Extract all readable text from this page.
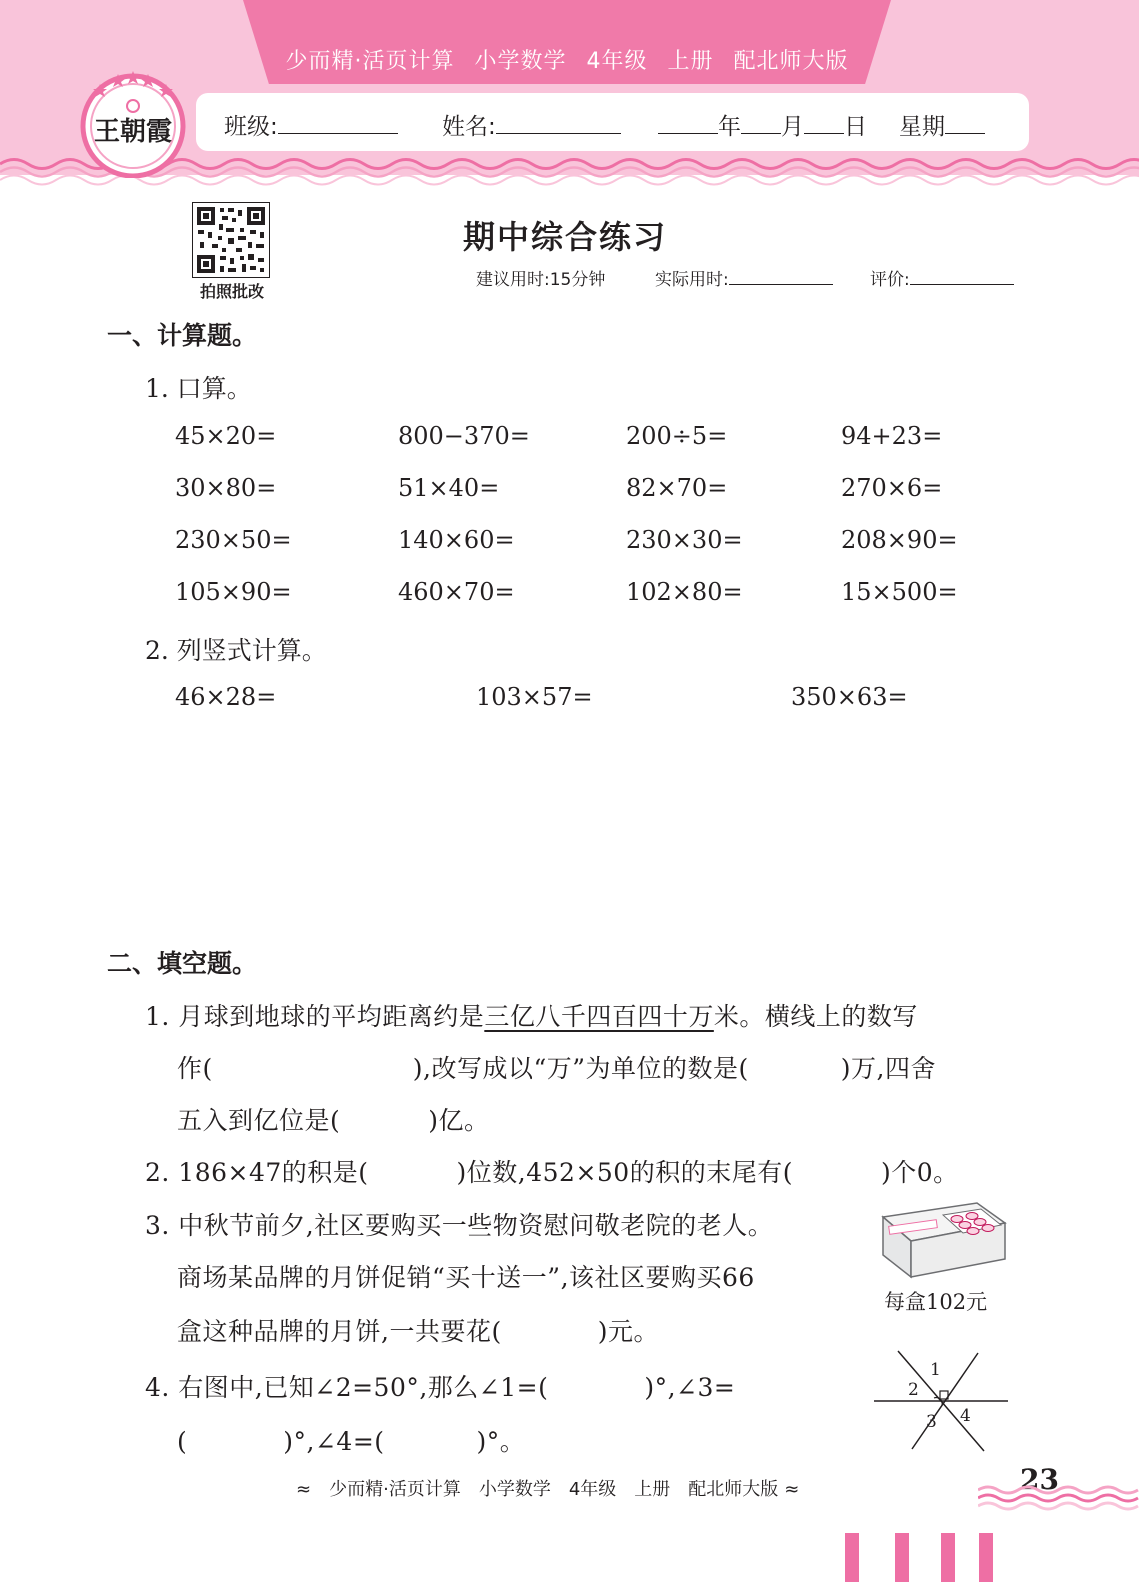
少而精·活页计算 小学数学 4年级 上册 配北师大版
王朝霞 班级:	姓名:	年 月 日 星期
拍照批改
期中综合练习
建议用时:15分钟	实际用时:	评价:
一、计算题。
1. 口算。
45×20=	800−370=	200÷5=	94+23=
30×80=	51×40=	82×70=	270×6=
230×50=	140×60=	230×30=	208×90=
105×90=	460×70=	102×80=	15×500=
2. 列竖式计算。
46×28=	103×57=	350×63=
二、填空题。
1. 月球到地球的平均距离约是三亿八千四百四十万米。横线上的数写
作(	),改写成以“万”为单位的数是(	)万,四舍
五入到亿位是(	)亿。
2. 186×47的积是(	)位数,452×50的积的末尾有(	)个0。
3. 中秋节前夕,社区要购买一些物资慰问敬老院的老人。
商场某品牌的月饼促销“买十送一”,该社区要购买66
盒这种品牌的月饼,一共要花(	)元。
每盒102元
4. 右图中,已知∠2=50°,那么∠1=(	)°,∠3=
(	)°,∠4=(	)°。
1
2
3 4
≈ 少而精·活页计算 小学数学 4年级 上册 配北师大版 ≈	23
